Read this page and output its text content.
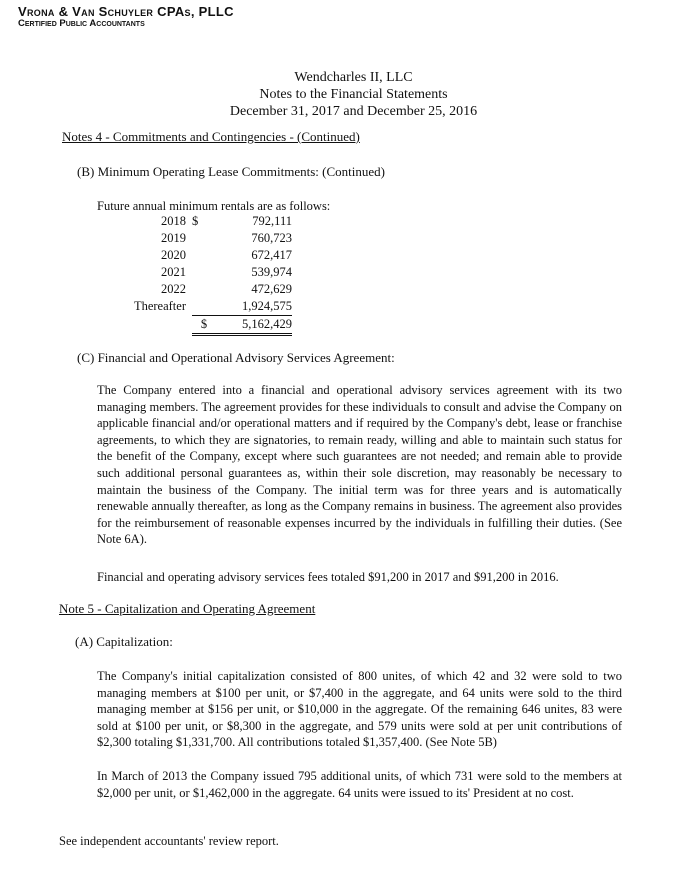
Vrona & Van Schuyler CPAs, PLLC
Certified Public Accountants
Wendcharles II, LLC
Notes to the Financial Statements
December 31, 2017 and December 25, 2016
Notes 4 - Commitments and Contingencies - (Continued)
(B) Minimum Operating Lease Commitments: (Continued)
Future annual minimum rentals are as follows:
2018	$	792,111
2019		760,723
2020		672,417
2021		539,974
2022		472,629
Thereafter		1,924,575
	$	5,162,429
(C) Financial and Operational Advisory Services Agreement:

The Company entered into a financial and operational advisory services agreement with its two managing members. The agreement provides for these individuals to consult and advise the Company on applicable financial and/or operational matters and if required by the Company's debt, lease or franchise agreements, to which they are signatories, to remain ready, willing and able to maintain such status for the benefit of the Company, except where such guarantees are not needed; and remain able to provide such additional personal guarantees as, within their sole discretion, may reasonably be necessary to maintain the business of the Company. The initial term was for three years and is automatically renewable annually thereafter, as long as the Company remains in business. The agreement also provides for the reimbursement of reasonable expenses incurred by the individuals in fulfilling their duties. (See Note 6A).

Financial and operating advisory services fees totaled $91,200 in 2017 and $91,200 in 2016.

Note 5 - Capitalization and Operating Agreement
(A) Capitalization:

The Company's initial capitalization consisted of 800 unites, of which 42 and 32 were sold to two managing members at $100 per unit, or $7,400 in the aggregate, and 64 units were sold to the third managing member at $156 per unit, or $10,000 in the aggregate. Of the remaining 646 unites, 83 were sold at $100 per unit, or $8,300 in the aggregate, and 579 units were sold at per unit contributions of $2,300 totaling $1,331,700. All contributions totaled $1,357,400. (See Note 5B)

In March of 2013 the Company issued 795 additional units, of which 731 were sold to the members at $2,000 per unit, or $1,462,000 in the aggregate. 64 units were issued to its' President at no cost.

See independent accountants' review report.
